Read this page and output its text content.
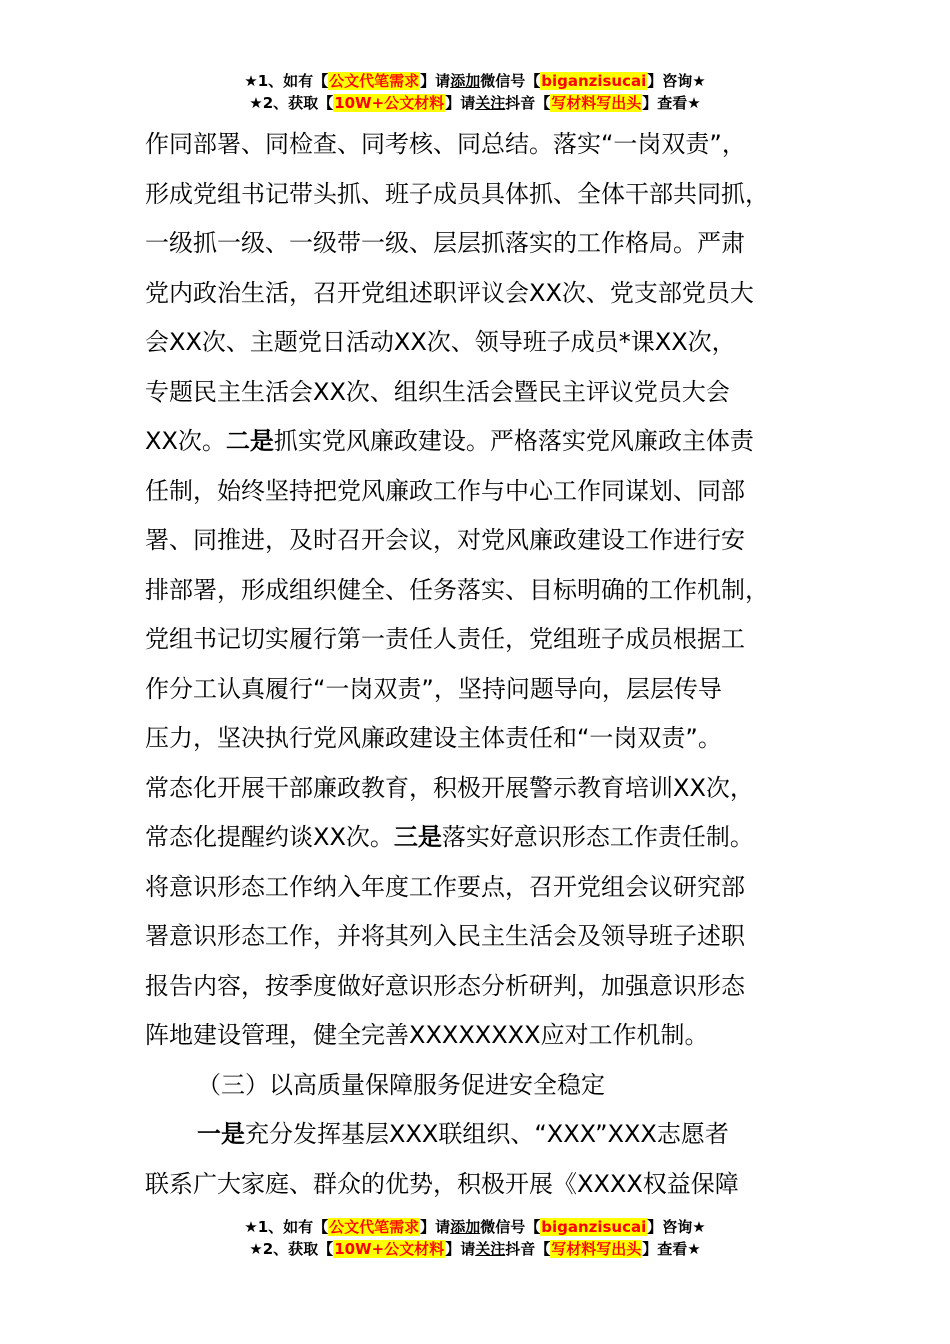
★1、如有【公文代笔需求】请添加微信号【biganzisucai】咨询★
★2、获取【10W+公文材料】请关注抖音【写材料写出头】查看★
作同部署、同检查、同考核、同总结。落实“一岗双责”，
形成党组书记带头抓、班子成员具体抓、全体干部共同抓，
一级抓一级、一级带一级、层层抓落实的工作格局。严肃
党内政治生活，召开党组述职评议会XX次、党支部党员大
会XX次、主题党日活动XX次、领导班子成员*课XX次，
专题民主生活会XX次、组织生活会暨民主评议党员大会
XX次。二是抓实党风廉政建设。严格落实党风廉政主体责
任制，始终坚持把党风廉政工作与中心工作同谋划、同部
署、同推进，及时召开会议，对党风廉政建设工作进行安
排部署，形成组织健全、任务落实、目标明确的工作机制，
党组书记切实履行第一责任人责任，党组班子成员根据工
作分工认真履行“一岗双责”，坚持问题导向，层层传导
压力，坚决执行党风廉政建设主体责任和“一岗双责”。
常态化开展干部廉政教育，积极开展警示教育培训XX次，
常态化提醒约谈XX次。三是落实好意识形态工作责任制。
将意识形态工作纳入年度工作要点，召开党组会议研究部
署意识形态工作，并将其列入民主生活会及领导班子述职
报告内容，按季度做好意识形态分析研判，加强意识形态
阵地建设管理，健全完善XXXXXXXX应对工作机制。
（三）以高质量保障服务促进安全稳定
一是充分发挥基层XXX联组织、“XXX”XXX志愿者
联系广大家庭、群众的优势，积极开展《XXXX权益保障
★1、如有【公文代笔需求】请添加微信号【biganzisucai】咨询★
★2、获取【10W+公文材料】请关注抖音【写材料写出头】查看★
